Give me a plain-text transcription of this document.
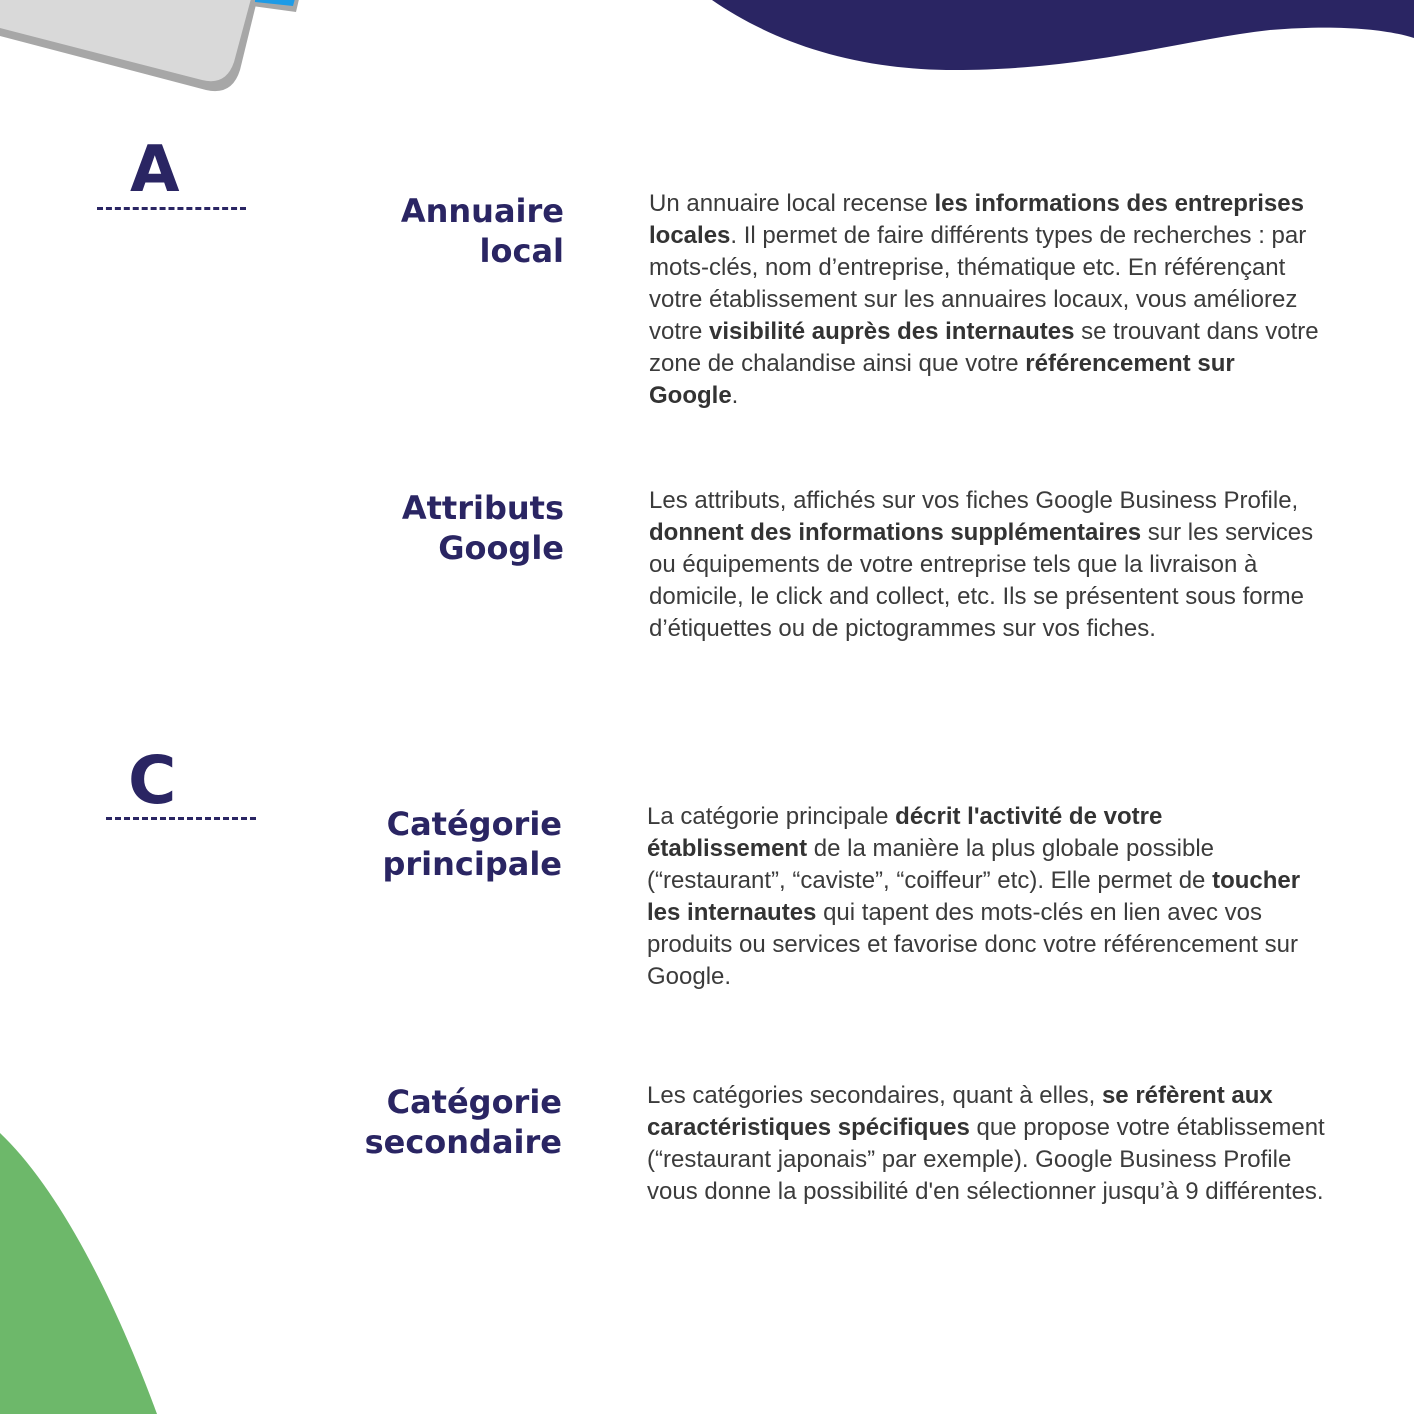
A
Annuaire
local
Un annuaire local recense les informations des entreprises locales. Il permet de faire différents types de recherches : par mots-clés, nom d’entreprise, thématique etc. En référençant votre établissement sur les annuaires locaux, vous améliorez votre visibilité auprès des internautes se trouvant dans votre zone de chalandise ainsi que votre référencement sur Google.
Attributs
Google
Les attributs, affichés sur vos fiches Google Business Profile, donnent des informations supplémentaires sur les services ou équipements de votre entreprise tels que la livraison à domicile, le click and collect, etc. Ils se présentent sous forme d’étiquettes ou de pictogrammes sur vos fiches.
C
Catégorie
principale
La catégorie principale décrit l'activité de votre établissement de la manière la plus globale possible (“restaurant”, “caviste”, “coiffeur” etc). Elle permet de toucher les internautes qui tapent des mots-clés en lien avec vos produits ou services et favorise donc votre référencement sur Google.
Catégorie
secondaire
Les catégories secondaires, quant à elles, se réfèrent aux caractéristiques spécifiques que propose votre établissement (“restaurant japonais” par exemple). Google Business Profile vous donne la possibilité d'en sélectionner jusqu’à 9 différentes.
